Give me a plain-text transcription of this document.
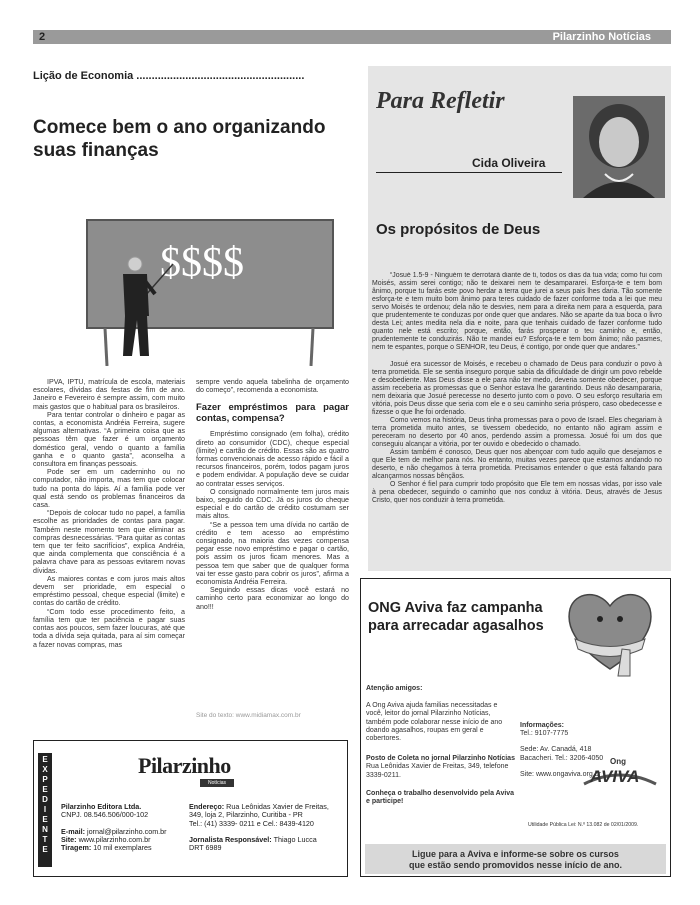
2	Pilarzinho Notícias
Lição de Economia .......................................................
Comece bem o ano organizando suas finanças
$$$$

IPVA, IPTU, matrícula de escola, materiais escolares, dívidas das festas de fim de ano. Janeiro e Fevereiro é sempre assim, com muito mais gastos que o habitual para os brasileiros.

Para tentar controlar o dinheiro e pagar as contas, a economista Andréia Ferreira, sugere algumas alternativas. “A primeira coisa que as pessoas têm que fazer é um orçamento doméstico geral, vendo o quanto a família ganha e o quanto gasta”, aconselha a consultora em finanças pessoais.

Pode ser em um caderninho ou no computador, não importa, mas tem que colocar tudo na ponta do lápis. Aí a família pode ver qual está sendo os problemas financeiros da casa.

“Depois de colocar tudo no papel, a família escolhe as prioridades de contas para pagar. Também neste momento tem que eliminar as compras desnecessárias. “Para quitar as contas tem que ter feito sacrifícios”, explica Andréia, que ainda complementa que consciência é a palavra chave para as pessoas evitarem novas dívidas.

As maiores contas e com juros mais altos devem ser prioridade, em especial o empréstimo pessoal, cheque especial (limite) e contas do cartão de crédito.

“Com todo esse procedimento feito, a família tem que ter paciência e pagar suas contas aos poucos, sem fazer loucuras, até que toda a dívida seja quitada, para aí sim começar a fazer novas compras, mas

sempre vendo aquela tabelinha de orçamento do começo”, recomenda a economista.

Fazer empréstimos para pagar contas, compensa?

Empréstimo consignado (em folha), crédito direto ao consumidor (CDC), cheque especial (limite) e cartão de crédito. Essas são as quatro formas convencionais de acesso rápido e fácil a recursos financeiros, porém, todos pagam juros e podem endividar. A população deve se cuidar ao contratar esses serviços.

O consignado normalmente tem juros mais baixo, seguido do CDC. Já os juros do cheque especial e do cartão de crédito costumam ser mais altos.

“Se a pessoa tem uma dívida no cartão de crédito e tem acesso ao empréstimo consignado, na maioria das vezes compensa pegar esse novo empréstimo e pagar o cartão, pois assim os juros ficam menores. Mas a pessoa tem que saber que de qualquer forma vai ter esse gasto para cobrir os juros”, afirma a economista Andréia Ferreira.

Seguindo essas dicas você estará no caminho certo para economizar ao longo do ano!!!

Site do texto: www.midiamax.com.br
E
X
P
E
D
I
E
N
T
E
Pilarzinho
Notícias
Pilarzinho Editora Ltda.
CNPJ. 08.546.506/000-102
E-mail: jornal@pilarzinho.com.br
Site: www.pilarzinho.com.br
Tiragem: 10 mil exemplares
Endereço: Rua Leônidas Xavier de Freitas, 349, loja 2, Pilarzinho, Curitiba - PR
Tel.: (41) 3339- 0211 e Cel.: 8439-4120
Jornalista Responsável: Thiago Lucca
DRT 6989
Para Refletir
Cida Oliveira
Os propósitos de Deus

“Josué 1.5-9 - Ninguém te derrotará diante de ti, todos os dias da tua vida; como fui com Moisés, assim serei contigo; não te deixarei nem te desampararei. Esforça-te e tem bom ânimo, porque tu farás este povo herdar a terra que jurei a seus pais lhes daria. Tão somente esforça-te e tem muito bom ânimo para teres cuidado de fazer conforme toda a lei que meu servo Moisés te ordenou; dela não te desvies, nem para a direita nem para a esquerda, para que prudentemente te conduzas por onde quer que andares. Não se aparte da tua boca o livro desta Lei; antes medita nela dia e noite, para que tenhais cuidado de fazer conforme tudo quanto nele está escrito; porque, então, farás prosperar o teu caminho e, então, prudentemente te conduzirás. Não te mandei eu? Esforça-te e tem bom ânimo; não pasmes, nem te espantes, porque o SENHOR, teu Deus, é contigo, por onde quer que andares.”

Josué era sucessor de Moisés, e recebeu o chamado de Deus para conduzir o povo à terra prometida. Ele se sentia inseguro porque sabia da dificuldade de dirigir um povo rebelde e desobediente. Mas Deus disse a ele para não ter medo, deveria somente obedecer, porque assim receberia as promessas que o Senhor estava lhe garantindo. Deus não desampararia, nem deixaria que Josué perecesse no deserto junto com o povo. O seu esforço resultaria em vitória, pois Deus disse que seria com ele e o seu caminho seria próspero, caso obedecesse e fizesse o que lhe foi ordenado.

Como vemos na história, Deus tinha promessas para o povo de Israel. Eles chegariam à terra prometida muito antes, se tivessem obedecido, no entanto não agiram assim e pereceram no deserto por 40 anos, perdendo assim a promessa. Josué foi um dos que conseguiu alcançar a vitória, por ter ouvido e obedecido o chamado.

Assim também é conosco, Deus quer nos abençoar com tudo aquilo que desejamos e que Ele tem de melhor para nós. No entanto, muitas vezes parece que estamos andando no deserto, e não chegamos à terra prometida. Precisamos entender o que está faltando para alcançarmos nossas bênçãos.

O Senhor é fiel para cumprir todo propósito que Ele tem em nossas vidas, por isso vale à pena obedecer, seguindo o caminho que nos conduz à vitória. Deus, através de Jesus Cristo, quer nos conduzir à terra prometida.

ONG Aviva faz campanha
para arrecadar agasalhos
Atenção amigos:
A Ong Aviva ajuda familias necessitadas e você, leitor do jornal Pilarzinho Notícias, também pode colaborar nesse início de ano doando agasalhos, roupas em geral e cobertores.
Posto de Coleta no jornal Pilarzinho Notícias
Rua Leônidas Xavier de Freitas, 349, telefone 3339-0211.
Conheça o trabalho desenvolvido pela Aviva e participe!
Informações:
Tel.: 9107-7775
Sede: Av. Canadá, 418
Bacacheri. Tel.: 3206-4050
Site: www.ongaviva.org.br
Ong
AVIVA
Utilidade Pública Lei: N.º 13.082 de 02/01/2009.
Ligue para a Aviva e informe-se sobre os cursos
que estão sendo promovidos nesse início de ano.
